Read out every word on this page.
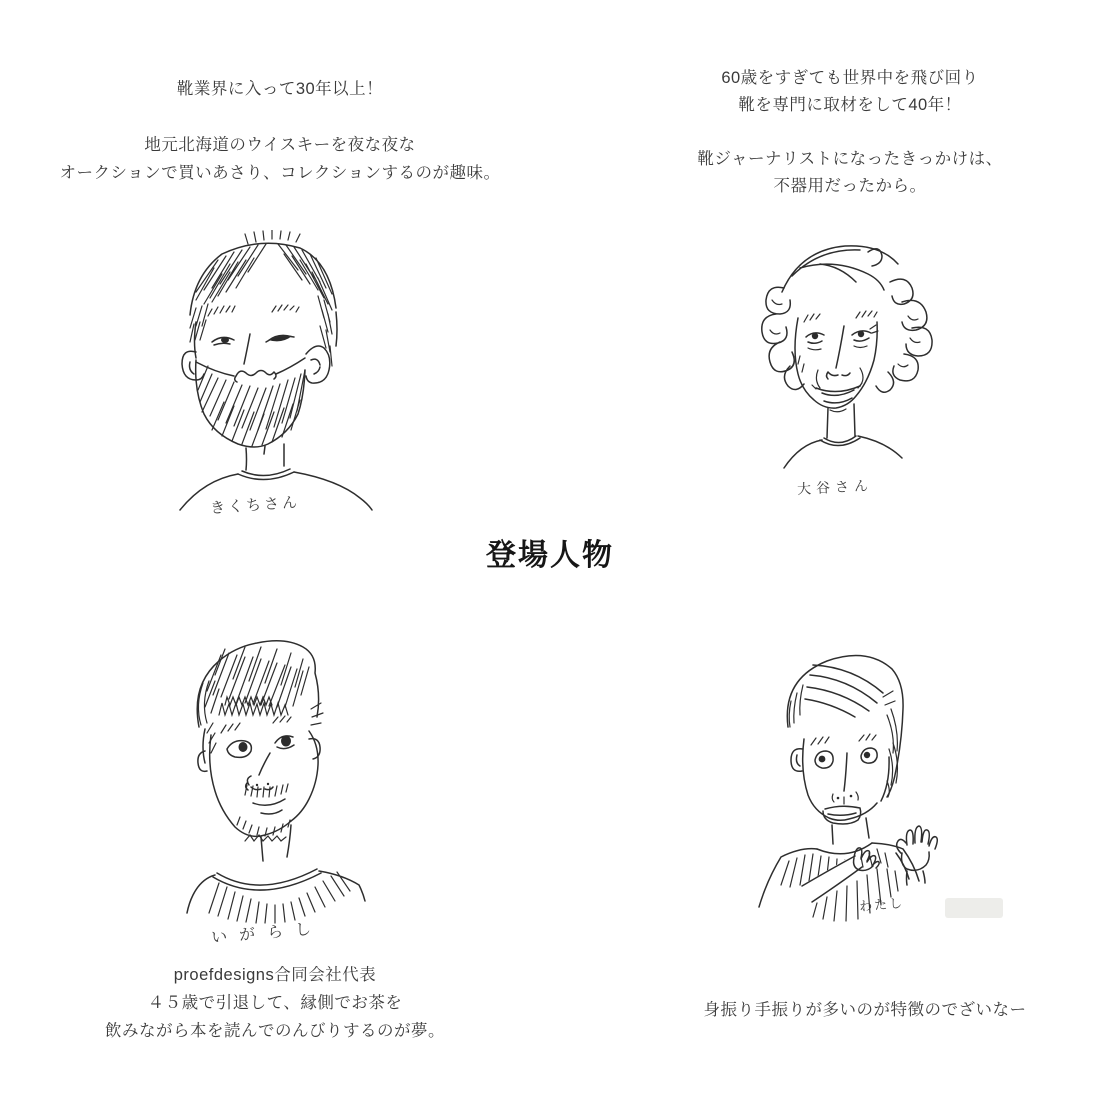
靴業界に入って30年以上！
地元北海道のウイスキーを夜な夜な
オークションで買いあさり、コレクションするのが趣味。
60歳をすぎても世界中を飛び回り
靴を専門に取材をして40年！
靴ジャーナリストになったきっかけは、
不器用だったから。
登場人物
きくちさん
大谷さん
いがらし
わたし
proefdesigns合同会社代表
４５歳で引退して、縁側でお茶を
飲みながら本を読んでのんびりするのが夢。
身振り手振りが多いのが特徴のでざいなー
